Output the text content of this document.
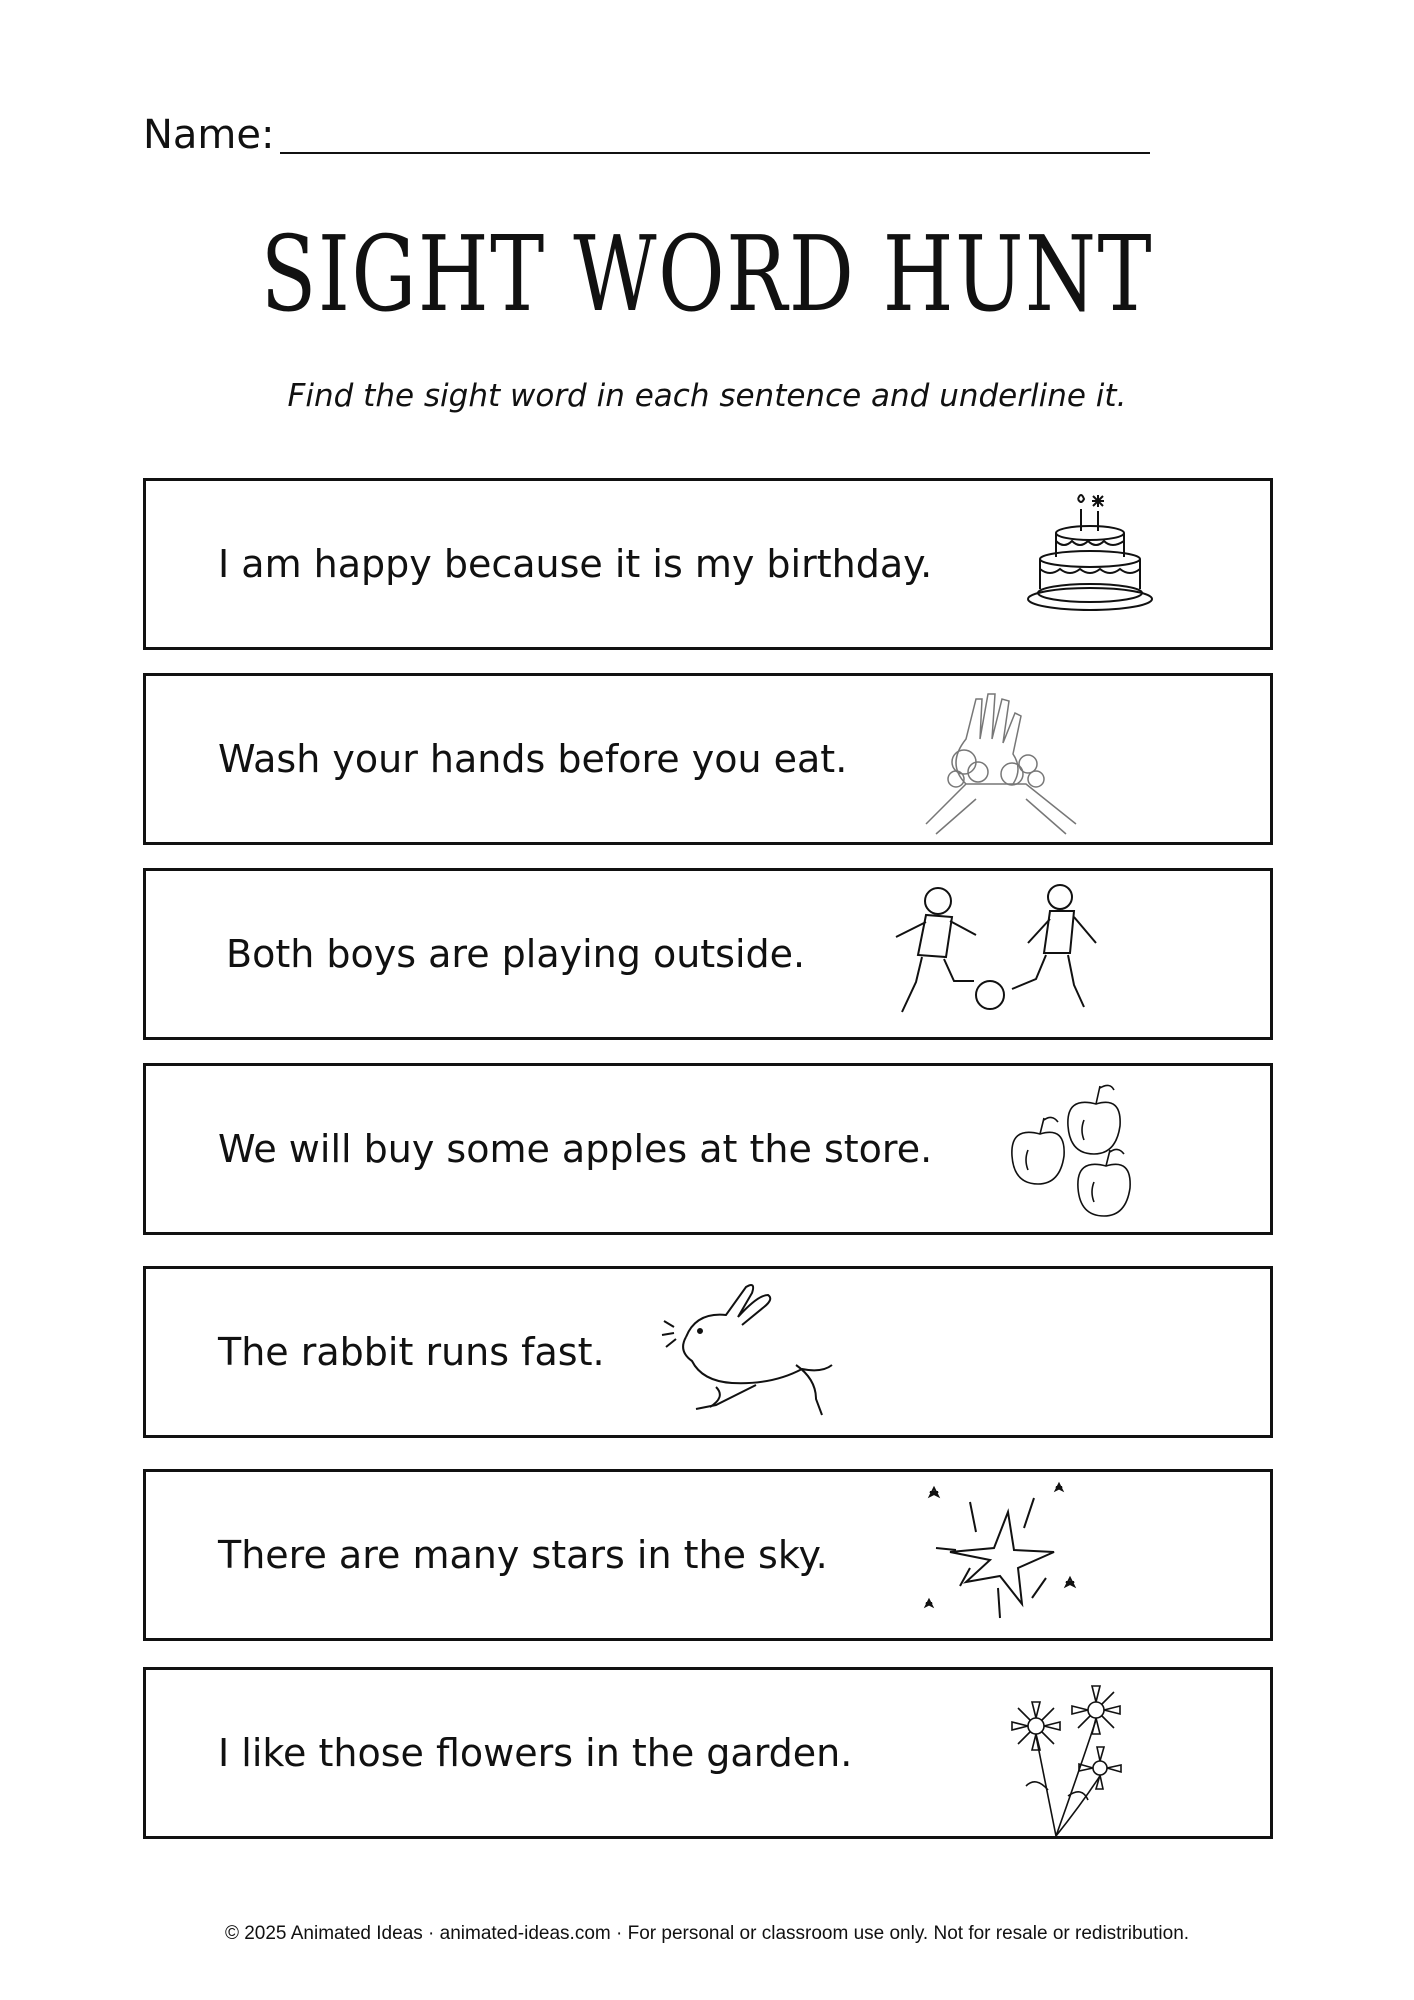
Name:
SIGHT WORD HUNT
Find the sight word in each sentence and underline it.
I am happy because it is my birthday.
Wash your hands before you eat.
Both boys are playing outside.
We will buy some apples at the store.
The rabbit runs fast.
There are many stars in the sky.
I like those flowers in the garden.
© 2025 Animated Ideas · animated-ideas.com · For personal or classroom use only. Not for resale or redistribution.
